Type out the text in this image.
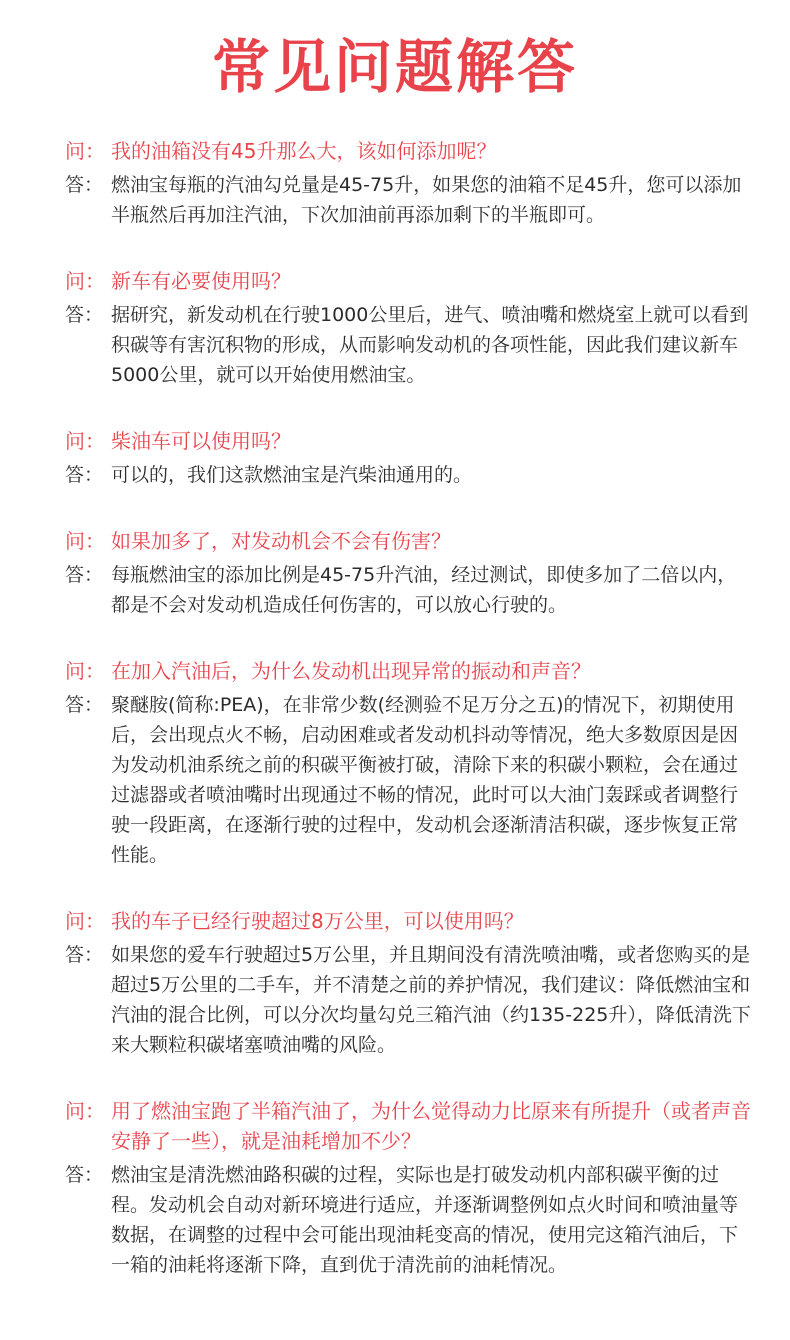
常见问题解答
问： 我的油箱没有45升那么大，该如何添加呢？
答： 燃油宝每瓶的汽油勾兑量是45-75升，如果您的油箱不足45升，您可以添加半瓶然后再加注汽油，下次加油前再添加剩下的半瓶即可。
问： 新车有必要使用吗？
答： 据研究，新发动机在行驶1000公里后，进气、喷油嘴和燃烧室上就可以看到积碳等有害沉积物的形成，从而影响发动机的各项性能，因此我们建议新车5000公里，就可以开始使用燃油宝。
问： 柴油车可以使用吗？
答： 可以的，我们这款燃油宝是汽柴油通用的。
问： 如果加多了，对发动机会不会有伤害？
答： 每瓶燃油宝的添加比例是45-75升汽油，经过测试，即使多加了二倍以内，都是不会对发动机造成任何伤害的，可以放心行驶的。
问： 在加入汽油后，为什么发动机出现异常的振动和声音？
答： 聚醚胺(简称:PEA)，在非常少数(经测验不足万分之五)的情况下，初期使用后，会出现点火不畅，启动困难或者发动机抖动等情况，绝大多数原因是因为发动机油系统之前的积碳平衡被打破，清除下来的积碳小颗粒，会在通过过滤器或者喷油嘴时出现通过不畅的情况，此时可以大油门轰踩或者调整行驶一段距离，在逐渐行驶的过程中，发动机会逐渐清洁积碳，逐步恢复正常性能。
问： 我的车子已经行驶超过8万公里，可以使用吗？
答： 如果您的爱车行驶超过5万公里，并且期间没有清洗喷油嘴，或者您购买的是超过5万公里的二手车，并不清楚之前的养护情况，我们建议：降低燃油宝和汽油的混合比例，可以分次均量勾兑三箱汽油（约135-225升），降低清洗下来大颗粒积碳堵塞喷油嘴的风险。
问： 用了燃油宝跑了半箱汽油了，为什么觉得动力比原来有所提升（或者声音安静了一些），就是油耗增加不少？
答： 燃油宝是清洗燃油路积碳的过程，实际也是打破发动机内部积碳平衡的过程。发动机会自动对新环境进行适应，并逐渐调整例如点火时间和喷油量等数据，在调整的过程中会可能出现油耗变高的情况，使用完这箱汽油后，下一箱的油耗将逐渐下降，直到优于清洗前的油耗情况。
